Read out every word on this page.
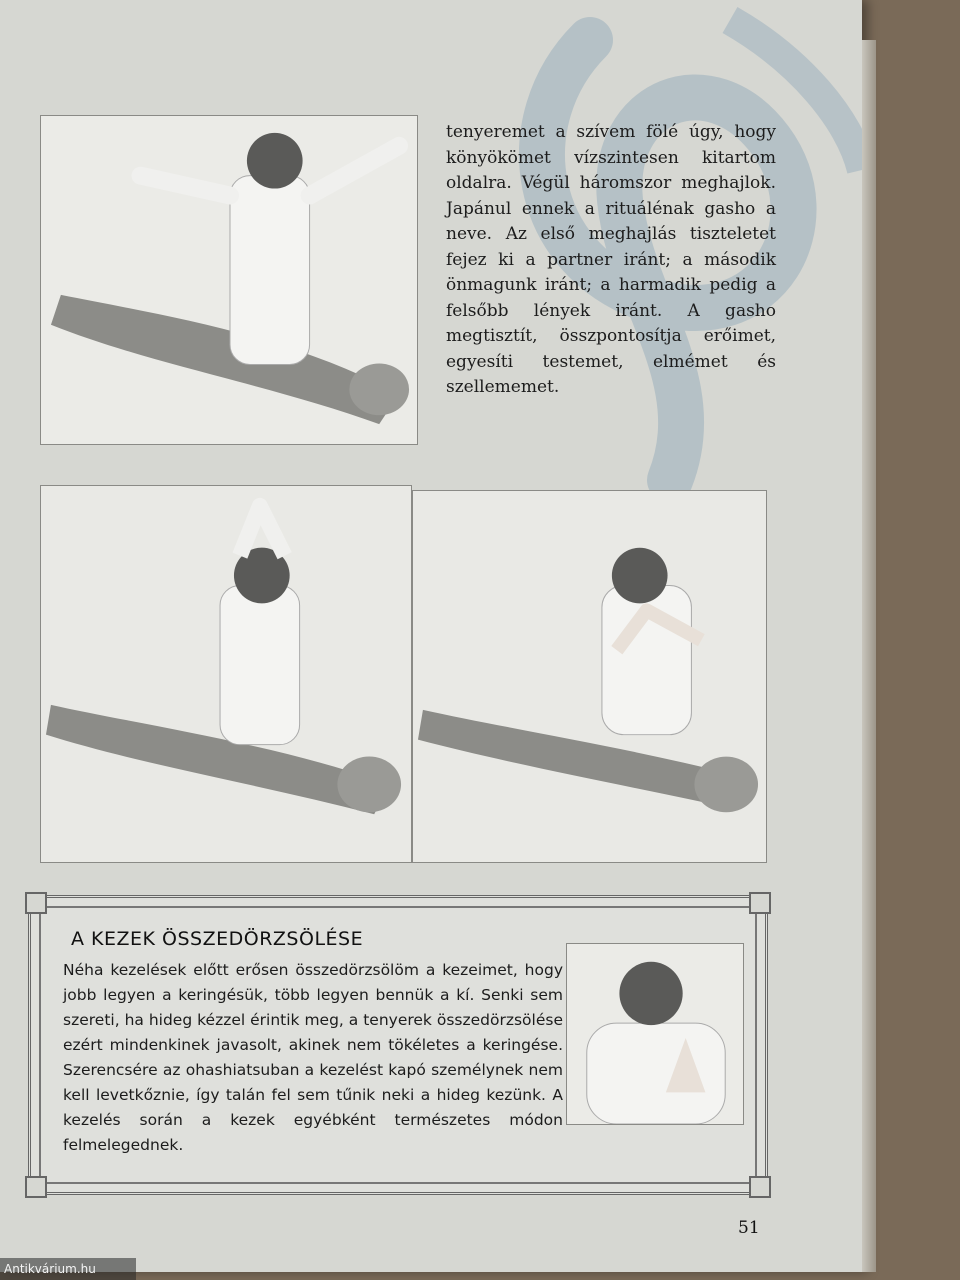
tenyeremet a szívem fölé úgy, hogy könyökömet vízszintesen kitartom oldalra. Végül háromszor meghajlok. Japánul ennek a rituálénak gasho a neve. Az első meghajlás tiszteletet fejez ki a partner iránt; a második önmagunk iránt; a harmadik pedig a felsőbb lények iránt. A gasho megtisztít, összpontosítja erőimet, egyesíti testemet, elmémet és szellememet.

A KEZEK ÖSSZEDÖRZSÖLÉSE

Néha kezelések előtt erősen összedörzsölöm a kezeimet, hogy jobb legyen a keringésük, több legyen bennük a kí. Senki sem szereti, ha hideg kézzel érintik meg, a tenyerek összedörzsölése ezért mindenkinek javasolt, akinek nem tökéletes a keringése. Szerencsére az ohashiatsuban a kezelést kapó személynek nem kell levetkőznie, így talán fel sem tűnik neki a hideg kezünk. A kezelés során a kezek egyébként természetes módon felmelegednek.

51

Antikvárium.hu
